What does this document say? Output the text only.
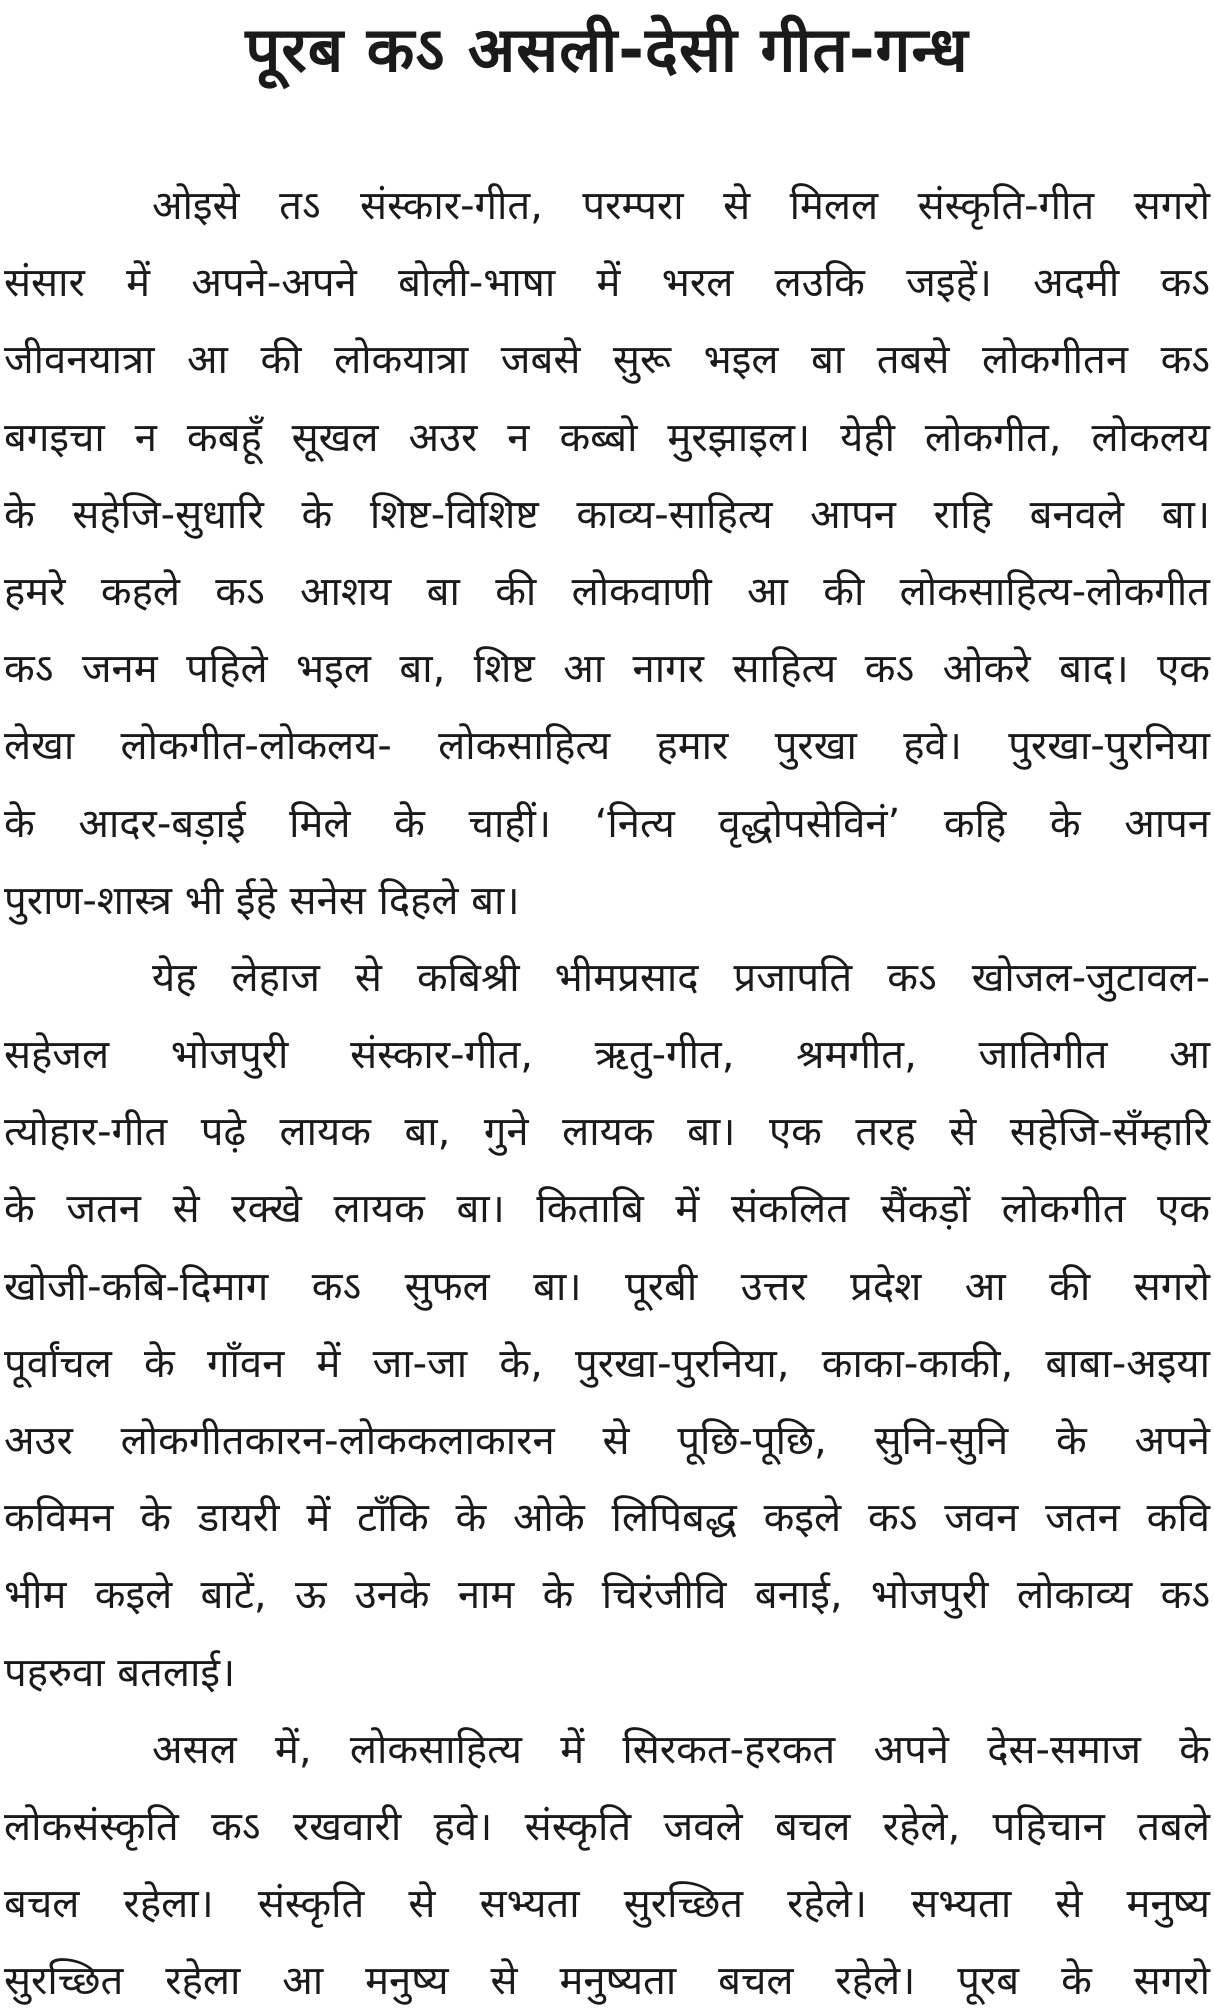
पूरब कऽ असली-देसी गीत-गन्ध
ओइसे तऽ संस्कार-गीत, परम्परा से मिलल संस्कृति-गीत सगरो
संसार में अपने-अपने बोली-भाषा में भरल लउकि जइहें। अदमी कऽ
जीवनयात्रा आ की लोकयात्रा जबसे सुरू भइल बा तबसे लोकगीतन कऽ
बगइचा न कबहूँ सूखल अउर न कब्बो मुरझाइल। येही लोकगीत, लोकलय
के सहेजि-सुधारि के शिष्ट-विशिष्ट काव्य-साहित्य आपन राहि बनवले बा।
हमरे कहले कऽ आशय बा की लोकवाणी आ की लोकसाहित्य-लोकगीत
कऽ जनम पहिले भइल बा, शिष्ट आ नागर साहित्य कऽ ओकरे बाद। एक
लेखा लोकगीत-लोकलय- लोकसाहित्य हमार पुरखा हवे। पुरखा-पुरनिया
के आदर-बड़ाई मिले के चाहीं। ‘नित्य वृद्धोपसेविनं’ कहि के आपन
पुराण-शास्त्र भी ईहे सनेस दिहले बा।
येह लेहाज से कबिश्री भीमप्रसाद प्रजापति कऽ खोजल-जुटावल-
सहेजल भोजपुरी संस्कार-गीत, ऋतु-गीत, श्रमगीत, जातिगीत आ
त्योहार-गीत पढ़े लायक बा, गुने लायक बा। एक तरह से सहेजि-सँम्हारि
के जतन से रक्खे लायक बा। किताबि में संकलित सैंकड़ों लोकगीत एक
खोजी-कबि-दिमाग कऽ सुफल बा। पूरबी उत्तर प्रदेश आ की सगरो
पूर्वांचल के गाँवन में जा-जा के, पुरखा-पुरनिया, काका-काकी, बाबा-अइया
अउर लोकगीतकारन-लोककलाकारन से पूछि-पूछि, सुनि-सुनि के अपने
कविमन के डायरी में टाँकि के ओके लिपिबद्ध कइले कऽ जवन जतन कवि
भीम कइले बाटें, ऊ उनके नाम के चिरंजीवि बनाई, भोजपुरी लोकाव्य कऽ
पहरुवा बतलाई।
असल में, लोकसाहित्य में सिरकत-हरकत अपने देस-समाज के
लोकसंस्कृति कऽ रखवारी हवे। संस्कृति जवले बचल रहेले, पहिचान तबले
बचल रहेला। संस्कृति से सभ्यता सुरच्छित रहेले। सभ्यता से मनुष्य
सुरच्छित रहेला आ मनुष्य से मनुष्यता बचल रहेले। पूरब के सगरो
